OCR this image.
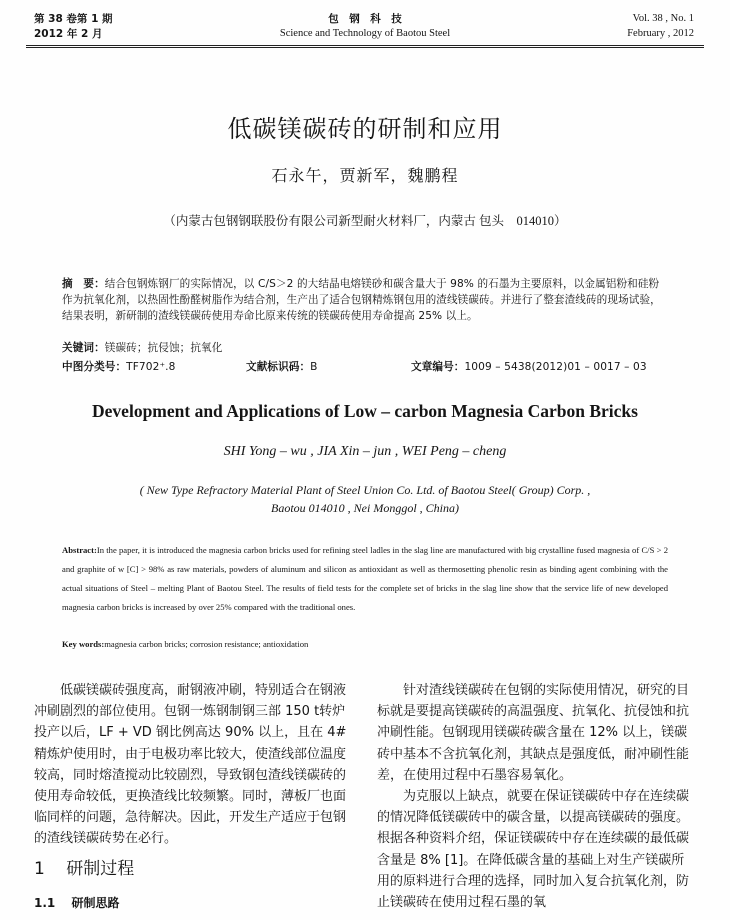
第 38 卷第 1 期
2012 年 2 月
包　钢　科　技
Science and Technology of Baotou Steel
Vol. 38 , No. 1
February , 2012
低碳镁碳砖的研制和应用
石永午，贾新军，魏鹏程
（内蒙古包钢钢联股份有限公司新型耐火材料厂，内蒙古 包头　014010）
摘　要：结合包钢炼钢厂的实际情况，以 C/S＞2 的大结晶电熔镁砂和碳含量大于 98% 的石墨为主要原料，以金属铝粉和硅粉作为抗氧化剂，以热固性酚醛树脂作为结合剂，生产出了适合包钢精炼钢包用的渣线镁碳砖。并进行了整套渣线砖的现场试验，结果表明，新研制的渣线镁碳砖使用寿命比原来传统的镁碳砖使用寿命提高 25% 以上。
关键词：镁碳砖；抗侵蚀；抗氧化
中图分类号：TF702⁺.8	文献标识码：B	文章编号：1009 – 5438(2012)01 – 0017 – 03
Development and Applications of Low – carbon Magnesia Carbon Bricks
SHI Yong – wu , JIA Xin – jun , WEI Peng – cheng
( New Type Refractory Material Plant of Steel Union Co. Ltd. of Baotou Steel( Group) Corp. ,
Baotou 014010 , Nei Monggol , China)
Abstract:In the paper, it is introduced the magnesia carbon bricks used for refining steel ladles in the slag line are manufactured with big crystalline fused magnesia of C/S > 2 and graphite of w [C] > 98% as raw materials, powders of aluminum and silicon as antioxidant as well as thermosetting phenolic resin as binding agent combining with the actual situations of Steel – melting Plant of Baotou Steel. The results of field tests for the complete set of bricks in the slag line show that the service life of new developed magnesia carbon bricks is increased by over 25% compared with the traditional ones.
Key words:magnesia carbon bricks; corrosion resistance; antioxidation

低碳镁碳砖强度高，耐钢液冲刷，特别适合在钢液冲刷剧烈的部位使用。包钢一炼钢制钢三部 150 t转炉投产以后，LF + VD 钢比例高达 90% 以上，且在 4#精炼炉使用时，由于电极功率比较大，使渣线部位温度较高，同时熔渣搅动比较剧烈，导致钢包渣线镁碳砖的使用寿命较低，更换渣线比较频繁。同时，薄板厂也面临同样的问题，急待解决。因此，开发生产适应于包钢的渣线镁碳砖势在必行。

1 研制过程
1.1 研制思路

针对渣线镁碳砖在包钢的实际使用情况，研究的目标就是要提高镁碳砖的高温强度、抗氧化、抗侵蚀和抗冲刷性能。包钢现用镁碳砖碳含量在 12% 以上，镁碳砖中基本不含抗氧化剂，其缺点是强度低，耐冲刷性能差，在使用过程中石墨容易氧化。

为克服以上缺点，就要在保证镁碳砖中存在连续碳的情况降低镁碳砖中的碳含量，以提高镁碳砖的强度。根据各种资料介绍，保证镁碳砖中存在连续碳的最低碳含量是 8% [1]。在降低碳含量的基础上对生产镁碳所用的原料进行合理的选择，同时加入复合抗氧化剂，防止镁碳砖在使用过程石墨的氧
